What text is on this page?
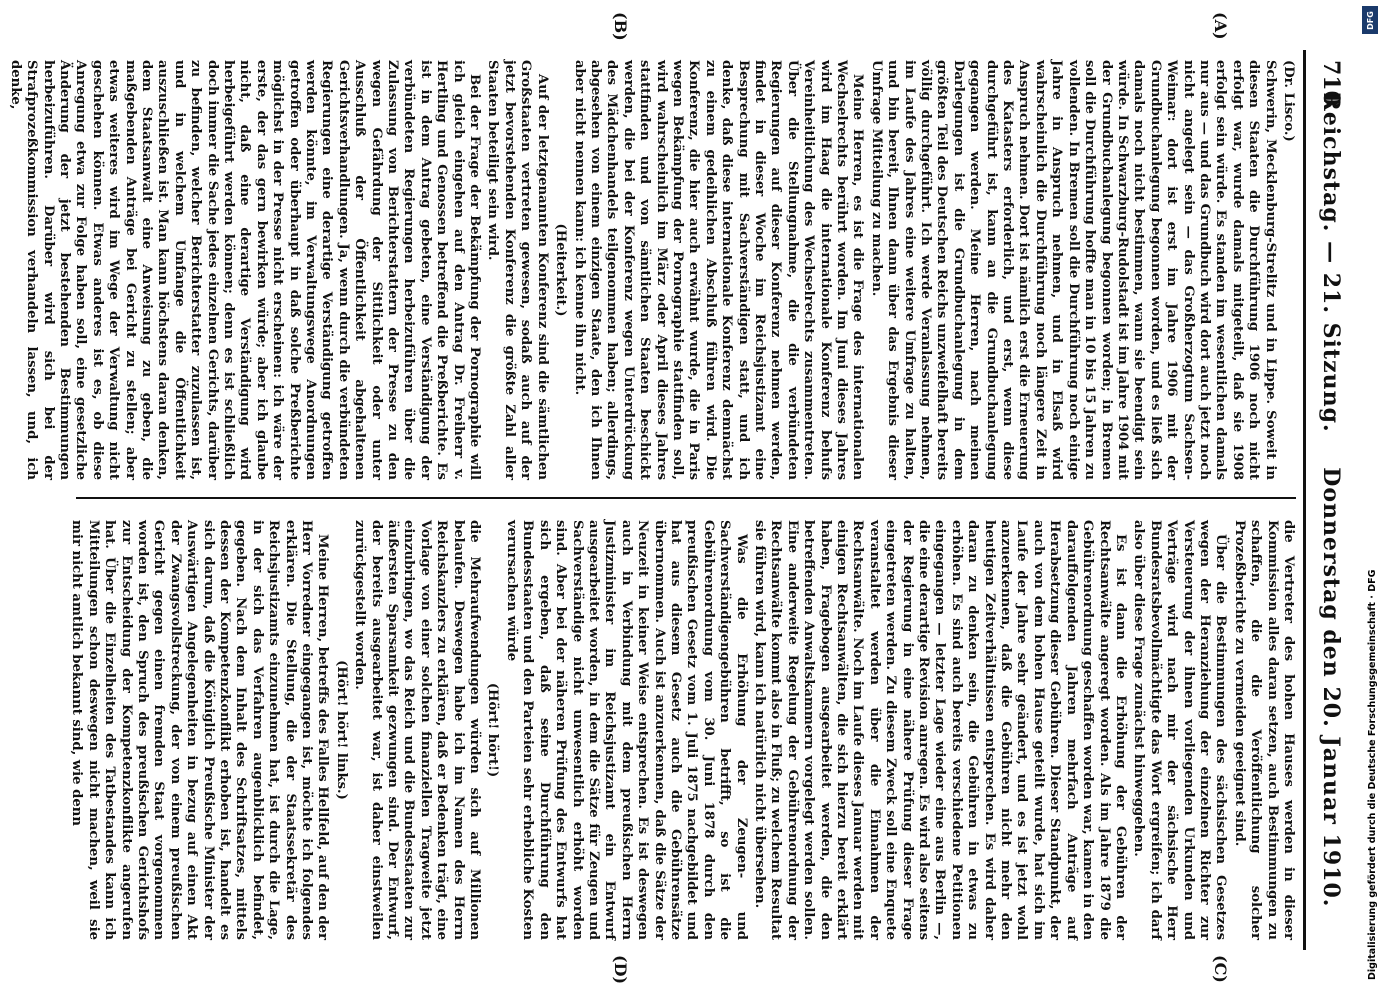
710
Reichstag. — 21. Sitzung.    Donnerstag den 20. Januar 1910.

(Dr. Lisco.)

Schwerin, Mecklenburg-Strelitz und in Lippe. Soweit in diesen Staaten die Durchführung 1906 noch nicht erfolgt war, wurde damals mitgeteilt, daß sie 1908 erfolgt sein würde. Es standen im wesentlichen damals nur aus — und das Grundbuch wird dort auch jetzt noch nicht angelegt sein — das Großherzogtum Sachsen-Weimar: dort ist erst im Jahre 1906 mit der Grundbuchanlegung begonnen worden, und es ließ sich damals noch nicht bestimmen, wann sie beendigt sein würde. In Schwarzburg-Rudolstadt ist im Jahre 1904 mit der Grundbuchanlegung begonnen worden; in Bremen soll die Durchführung hoffte man in 10 bis 15 Jahren zu vollenden. In Bremen soll die Durchführung noch einige Jahre in Anspruch nehmen, und in Elsaß wird wahrscheinlich die Durchführung noch längere Zeit in Anspruch nehmen. Dort ist nämlich erst die Erneuerung des Katasters erforderlich, und erst, wenn diese durchgeführt ist, kann an die Grundbuchanlegung gegangen werden. Meine Herren, nach meinen Darlegungen ist die Grundbuchanlegung in dem größten Teil des Deutschen Reichs unzweifelhaft bereits völlig durchgeführt. Ich werde Veranlassung nehmen, im Laufe des Jahres eine weitere Umfrage zu halten, und bin bereit, Ihnen dann über das Ergebnis dieser Umfrage Mitteilung zu machen.

Meine Herren, es ist die Frage des internationalen Wechselrechts berührt worden. Im Juni dieses Jahres wird im Haag die internationale Konferenz behufs Vereinheitlichung des Wechselrechts zusammentreten. Über die Stellungnahme, die die verbündeten Regierungen auf dieser Konferenz nehmen werden, findet in dieser Woche im Reichsjustizamt eine Besprechung mit Sachverständigen statt, und ich denke, daß diese internationale Konferenz demnächst zu einem gedeihlichen Abschluß führen wird. Die Konferenz, die hier auch erwähnt wurde, die in Paris wegen Bekämpfung der Pornographie stattfinden soll, wird wahrscheinlich im März oder April dieses Jahres stattfinden und von sämtlichen Staaten beschickt werden, die bei der Konferenz wegen Unterdrückung des Mädchenhandels teilgenommen haben; allerdings, abgesehen von einem einzigen Staate, den ich Ihnen aber nicht nennen kann: ich kenne ihn nicht.

(Heiterkeit.)

Auf der letztgenannten Konferenz sind die sämtlichen Großstaaten vertreten gewesen, sodaß auch auf der jetzt bevorstehenden Konferenz die größte Zahl aller Staaten beteiligt sein wird.

Bei der Frage der Bekämpfung der Pornographie will ich gleich eingehen auf den Antrag Dr. Freiherr v. Hertling und Genossen betreffend die Preßberichte. Es ist in dem Antrag gebeten, eine Verständigung der verbündeten Regierungen herbeizuführen über die Zulassung von Berichterstattern der Presse zu den wegen Gefährdung der Sittlichkeit oder unter Ausschluß der Öffentlichkeit abgehaltenen Gerichtsverhandlungen. Ja, wenn durch die verbündeten Regierungen eine derartige Verständigung getroffen werden könnte, im Verwaltungswege Anordnungen getroffen oder überhaupt in daß solche Preßberichte möglichst in der Presse nicht erscheinen: ich wäre der erste, der das gern bewirken würde; aber ich glaube nicht, daß eine derartige Verständigung wird herbeigeführt werden können; denn es ist schließlich doch immer die Sache jedes einzelnen Gerichts, darüber zu befinden, welcher Berichterstatter zuzulassen ist, und in welchem Umfange die Öffentlichkeit auszuschließen ist. Man kann höchstens daran denken, dem Staatsanwalt eine Anweisung zu geben, die maßgebenden Anträge bei Gericht zu stellen; aber etwas weiteres wird im Wege der Verwaltung nicht geschehen können. Etwas anderes ist es, ob diese Anregung etwa zur Folge haben soll, eine gesetzliche Änderung der jetzt bestehenden Bestimmungen herbeizuführen. Darüber wird sich bei der Strafprozeßkommission verhandeln lassen, und, ich denke,

die Vertreter des hohen Hauses werden in dieser Kommission alles daran setzen, auch Bestimmungen zu schaffen, die die Veröffentlichung solcher Prozeßberichte zu vermeiden geeignet sind.

Über die Bestimmungen des sächsischen Gesetzes wegen der Heranziehung der einzelnen Richter zur Versteuerung der ihnen vorliegenden Urkunden und Verträge wird nach mir der sächsische Herr Bundesratsbevollmächtigte das Wort ergreifen; ich darf also über diese Frage zunächst hinweggehen.

Es ist dann die Erhöhung der Gebühren der Rechtsanwälte angeregt worden. Als im Jahre 1879 die Gebührenordnung geschaffen worden war, kamen in den darauffolgenden Jahren mehrfach Anträge auf Herabsetzung dieser Gebühren. Dieser Standpunkt, der auch von dem hohen Hause geteilt wurde, hat sich im Laufe der Jahre sehr geändert, und es ist jetzt wohl anzuerkennen, daß die Gebühren nicht mehr den heutigen Zeitverhältnissen entsprechen. Es wird daher daran zu denken sein, die Gebühren in etwas zu erhöhen. Es sind auch bereits verschiedene Petitionen eingegangen — letzter Lage wieder eine aus Berlin —, die eine derartige Revision anregen. Es wird also seitens der Regierung in eine nähere Prüfung dieser Frage eingetreten werden. Zu diesem Zweck soll eine Enquete veranstaltet werden über die Einnahmen der Rechtsanwälte. Noch im Laufe dieses Januar werden mit einigen Rechtsanwälten, die sich hierzu bereit erklärt haben, Fragebogen ausgearbeitet werden, die den betreffenden Anwaltskammern vorgelegt werden sollen. Eine anderweite Regelung der Gebührenordnung der Rechtsanwälte kommt also in Fluß; zu welchem Resultat sie führen wird, kann ich natürlich nicht übersehen.

Was die Erhöhung der Zeugen- und Sachverständigengebühren betrifft, so ist die Gebührenordnung vom 30. Juni 1878 durch den preußischen Gesetz vom 1. Juli 1875 nachgebildet und hat aus diesem Gesetz auch die Gebührensätze übernommen. Auch ist anzuerkennen, daß die Sätze der Neuzeit in keiner Weise entsprechen. Es ist deswegen auch in Verbindung mit dem preußischen Herrn Justizminister im Reichsjustizamt ein Entwurf ausgearbeitet worden, in dem die Sätze für Zeugen und Sachverständige nicht unwesentlich erhöht worden sind. Aber bei der näheren Prüfung des Entwurfs hat sich ergeben, daß seine Durchführung den Bundesstaaten und den Parteien sehr erhebliche Kosten verursachen würde

(Hört! hört!)

die Mehraufwendungen würden sich auf Millionen belaufen. Deswegen habe ich im Namen des Herrn Reichskanzlers zu erklären, daß er Bedenken trägt, eine Vorlage von einer solchen finanziellen Tragweite jetzt einzubringen, wo das Reich und die Bundesstaaten zur äußersten Sparsamkeit gezwungen sind. Der Entwurf, der bereits ausgearbeitet war, ist daher einstweilen zurückgestellt worden.

(Hört! hört! links.)

Meine Herren, betreffs des Falles Hellfeld, auf den der Herr Vorredner eingegangen ist, möchte ich folgendes erklären. Die Stellung, die der Staatssekretär des Reichsjustizamts einzunehmen hat, ist durch die Lage, in der sich das Verfahren augenblicklich befindet, gegeben. Nach dem Inhalt des Schriftsatzes, mittels dessen der Kompetenzkonflikt erhoben ist, handelt es sich darum, daß die Königlich Preußische Minister der Auswärtigen Angelegenheiten in bezug auf einen Akt der Zwangsvollstreckung, der von einem preußischen Gericht gegen einen fremden Staat vorgenommen worden ist, den Spruch des preußischen Gerichtshofs zur Entscheidung der Kompetenzkonflikte angerufen hat. Über die Einzelheiten des Tatbestandes kann ich Mitteilungen schon deswegen nicht machen, weil sie mir nicht amtlich bekannt sind, wie denn

(A)
(B)
(C)
(D)
DFG
Digitalisierung gefördert durch die Deutsche Forschungsgemeinschaft · DFG
